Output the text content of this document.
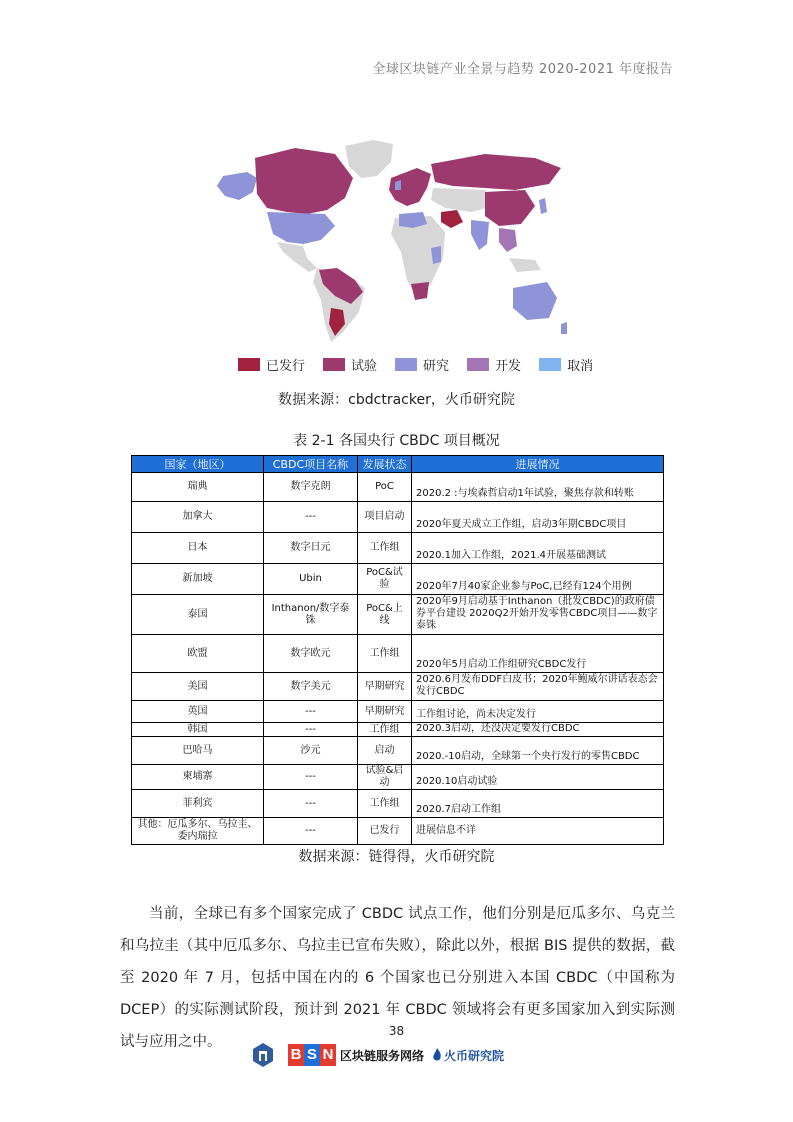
全球区块链产业全景与趋势 2020-2021 年度报告
已发行	试验	研究	开发	取消
数据来源：cbdctracker，火币研究院
表 2-1 各国央行 CBDC 项目概况
国家（地区）	CBDC项目名称	发展状态	进展情况
瑞典	数字克朗	PoC	2020.2 :与埃森哲启动1年试验，聚焦存款和转账
加拿大	---	项目启动	2020年夏天成立工作组，启动3年期CBDC项目
日本	数字日元	工作组	2020.1加入工作组，2021.4开展基础测试
新加坡	Ubin	PoC&试验	2020年7月40家企业参与PoC,已经有124个用例
泰国	Inthanon/数字泰铢	PoC&上线	2020年9月启动基于Inthanon（批发CBDC)的政府债券平台建设 2020Q2开始开发零售CBDC项目——数字泰铢
欧盟	数字欧元	工作组	2020年5月启动工作组研究CBDC发行
美国	数字美元	早期研究	2020.6月发布DDF白皮书；2020年鲍威尔讲话表态会发行CBDC
英国	---	早期研究	工作组讨论，尚未决定发行
韩国	---	工作组	2020.3启动，还没决定要发行CBDC
巴哈马	沙元	启动	2020.-10启动，全球第一个央行发行的零售CBDC
柬埔寨	---	试验&启动	2020.10启动试验
菲利宾	---	工作组	2020.7启动工作组
其他：厄瓜多尔、乌拉圭、委内瑞拉	---	已发行	进展信息不详
数据来源：链得得，火币研究院
当前，全球已有多个国家完成了 CBDC 试点工作，他们分别是厄瓜多尔、乌克兰和乌拉圭（其中厄瓜多尔、乌拉圭已宣布失败），除此以外，根据 BIS 提供的数据，截至 2020 年 7 月，包括中国在内的 6 个国家也已分别进入本国 CBDC（中国称为 DCEP）的实际测试阶段，预计到 2021 年 CBDC 领域将会有更多国家加入到实际测试与应用之中。
38
B S N 区块链服务网络 火币研究院
